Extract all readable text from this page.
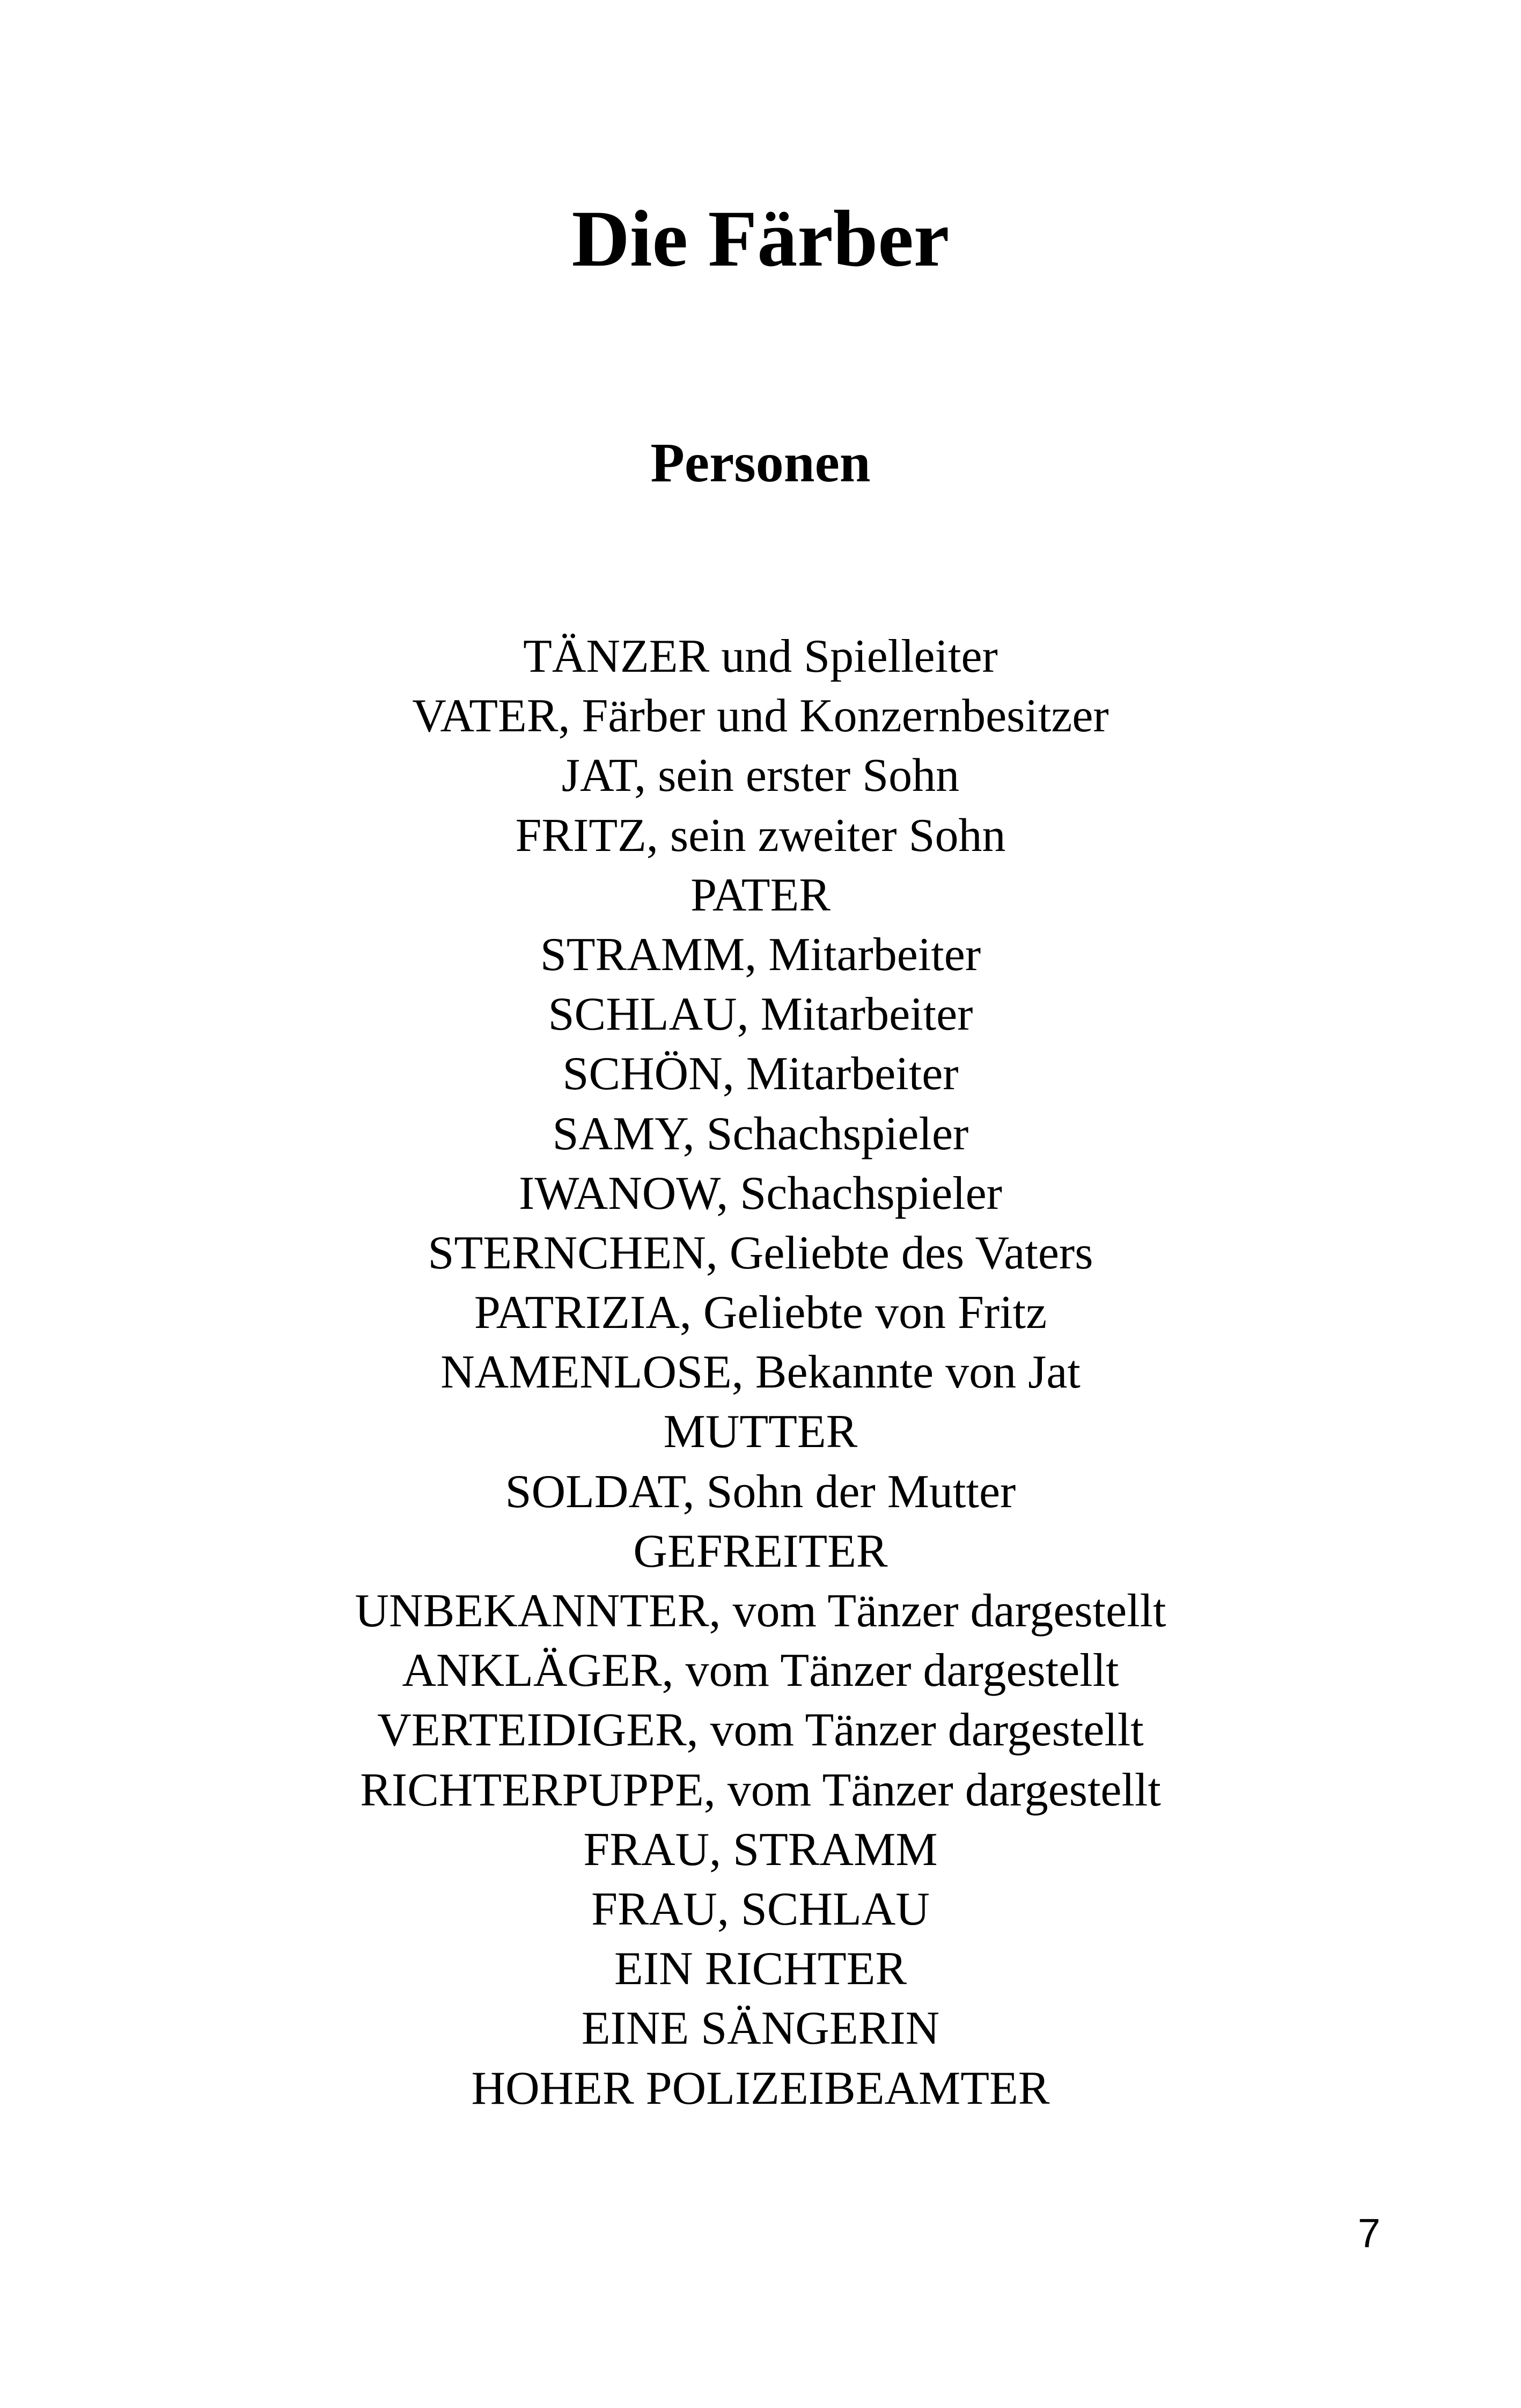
Die Färber
Personen
TÄNZER und Spielleiter
VATER, Färber und Konzernbesitzer
JAT, sein erster Sohn
FRITZ, sein zweiter Sohn
PATER
STRAMM, Mitarbeiter
SCHLAU, Mitarbeiter
SCHÖN, Mitarbeiter
SAMY, Schachspieler
IWANOW, Schachspieler
STERNCHEN, Geliebte des Vaters
PATRIZIA, Geliebte von Fritz
NAMENLOSE, Bekannte von Jat
MUTTER
SOLDAT, Sohn der Mutter
GEFREITER
UNBEKANNTER, vom Tänzer dargestellt
ANKLÄGER, vom Tänzer dargestellt
VERTEIDIGER, vom Tänzer dargestellt
RICHTERPUPPE, vom Tänzer dargestellt
FRAU, STRAMM
FRAU, SCHLAU
EIN RICHTER
EINE SÄNGERIN
HOHER POLIZEIBEAMTER
7
